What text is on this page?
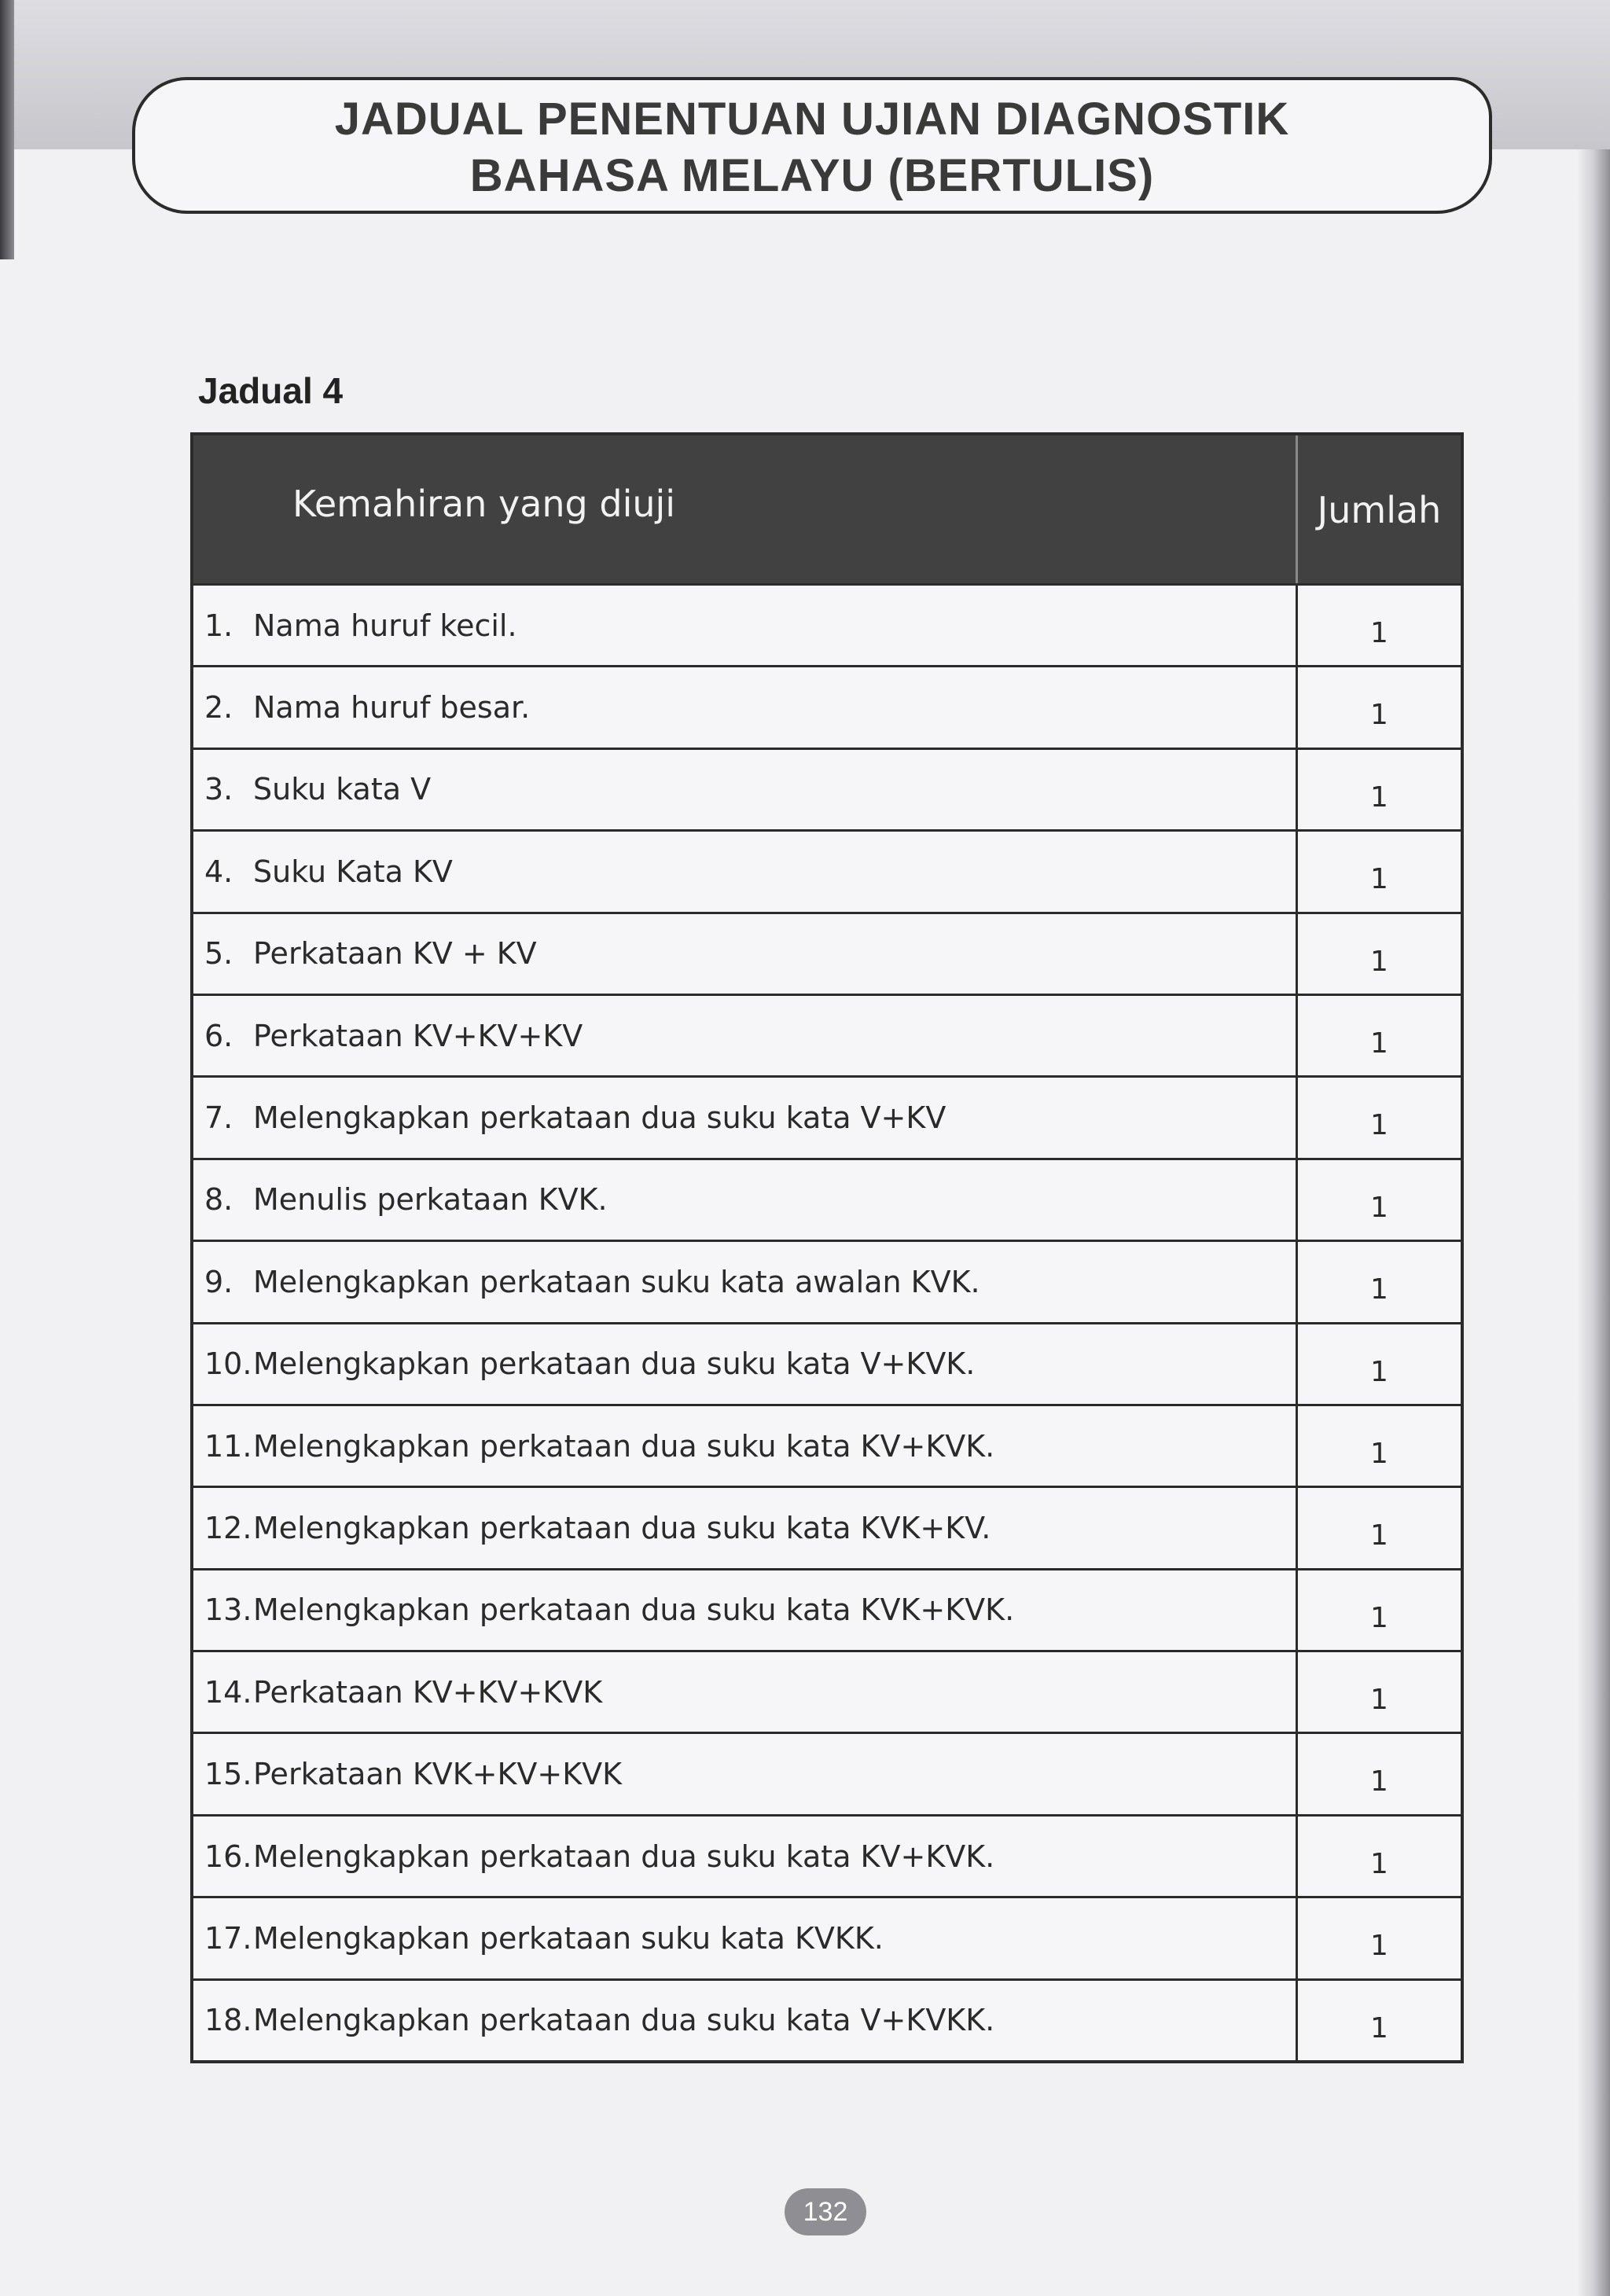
JADUAL PENENTUAN UJIAN DIAGNOSTIK
BAHASA MELAYU (BERTULIS)
Jadual 4
Kemahiran yang diuji	Jumlah
1. Nama huruf kecil.	1
2. Nama huruf besar.	1
3. Suku kata V	1
4. Suku Kata KV	1
5. Perkataan KV + KV	1
6. Perkataan KV+KV+KV	1
7. Melengkapkan perkataan dua suku kata V+KV	1
8. Menulis perkataan KVK.	1
9. Melengkapkan perkataan suku kata awalan KVK.	1
10. Melengkapkan perkataan dua suku kata V+KVK.	1
11. Melengkapkan perkataan dua suku kata KV+KVK.	1
12. Melengkapkan perkataan dua suku kata KVK+KV.	1
13. Melengkapkan perkataan dua suku kata KVK+KVK.	1
14. Perkataan KV+KV+KVK	1
15. Perkataan KVK+KV+KVK	1
16. Melengkapkan perkataan dua suku kata KV+KVK.	1
17. Melengkapkan perkataan suku kata KVKK.	1
18. Melengkapkan perkataan dua suku kata V+KVKK.	1
132
